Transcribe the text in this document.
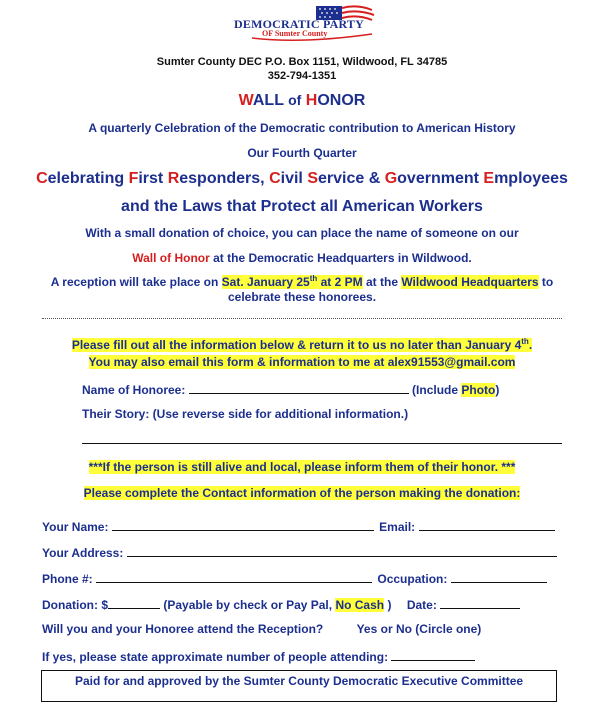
DEMOCRATIC PARTY
OF Sumter County
Sumter County DEC P.O. Box 1151, Wildwood, FL 34785
352-794-1351
WALL of HONOR
A quarterly Celebration of the Democratic contribution to American History
Our Fourth Quarter
Celebrating First Responders, Civil Service & Government Employees
and the Laws that Protect all American Workers
With a small donation of choice, you can place the name of someone on our
Wall of Honor at the Democratic Headquarters in Wildwood.
A reception will take place on Sat. January 25th at 2 PM at the Wildwood Headquarters to
celebrate these honorees.
Please fill out all the information below & return it to us no later than January 4th.
You may also email this form & information to me at alex91553@gmail.com
Name of Honoree:	(Include Photo)
Their Story: (Use reverse side for additional information.)
***If the person is still alive and local, please inform them of their honor. ***
Please complete the Contact information of the person making the donation:
Your Name:	Email:
Your Address:
Phone #:	Occupation:
Donation: $	(Payable by check or Pay Pal, No Cash ) Date:
Will you and your Honoree attend the Reception?	Yes or No (Circle one)
If yes, please state approximate number of people attending:
Paid for and approved by the Sumter County Democratic Executive Committee
